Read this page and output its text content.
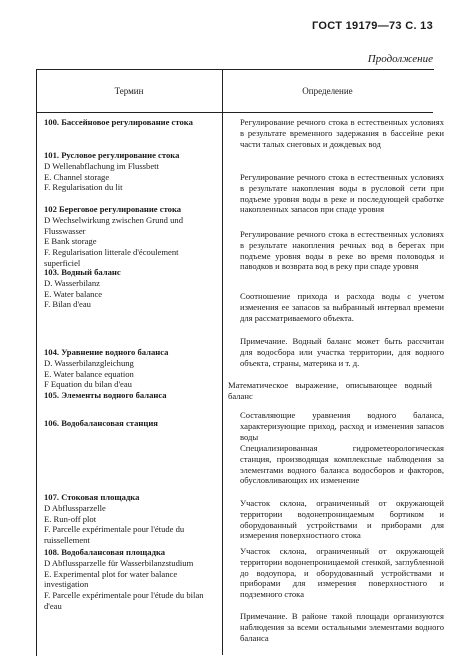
ГОСТ 19179—73 С. 13
Продолжение
Термин	Определение

100. Бассейновое регулирование стока

101. Русловое регулирование стока

D Wellenabflachung im Flussbett

E. Channel storage

F. Regularisation du lit

102 Береговое регулирование стока

D Wechselwirkung zwischen Grund und Flusswasser

E Bank storage

F. Regularisation litterale d'écoulement superficiel

103. Водный баланс

D. Wasserbilanz

E. Water balance

F. Bilan d'eau

104. Уравнение водного баланса

D. Wasserbilanzgleichung

E. Water balance equation

F Equation du bilan d'eau

105. Элементы водного баланса

106. Водобалансовая станция

107. Стоковая площадка

D Abflussparzelle

E. Run-off plot

F. Parcelle expérimentale pour l'étude du ruissellement

108. Водобалансовая площадка

D Abflussparzelle für Wasserbilanzstudium

E. Experimental plot for water balance investigation

F. Parcelle expérimentale pour l'étude du bilan d'eau

Регулирование речного стока в естественных условиях в результате временного задержания в бассейне реки части талых снеговых и дождевых вод
Регулирование речного стока в естественных условиях в результате накопления воды в русловой сети при подъеме уровня воды в реке и последующей сработке накопленных запасов при спаде уровня
Регулирование речного стока в естественных условиях в результате накопления речных вод в берегах при подъеме уровня воды в реке во время половодья и паводков и возврата вод в реку при спаде уровня
Соотношение прихода и расхода воды с учетом изменения ее запасов за выбранный интервал времени для рассматриваемого объекта.
Примечание. Водный баланс может быть рассчитан для водосбора или участка территории, для водного объекта, страны, материка и т. д.
Математическое выражение, описывающее водный баланс
Составляющие уравнения водного баланса, характеризующие приход, расход и изменения запасов воды
Специализированная гидрометеорологическая станция, производящая комплексные наблюдения за элементами водного баланса водосборов и факторов, обусловливающих их изменение
Участок склона, ограниченный от окружающей территории водонепроницаемым бортиком и оборудованный устройствами и приборами для измерения поверхностного стока
Участок склона, ограниченный от окружающей территории водонепроницаемой стенкой, заглубленной до водоупора, и оборудованный устройствами и приборами для измерения поверхностного и подземного стока
Примечание. В районе такой площади организуются наблюдения за всеми остальными элементами водного баланса
